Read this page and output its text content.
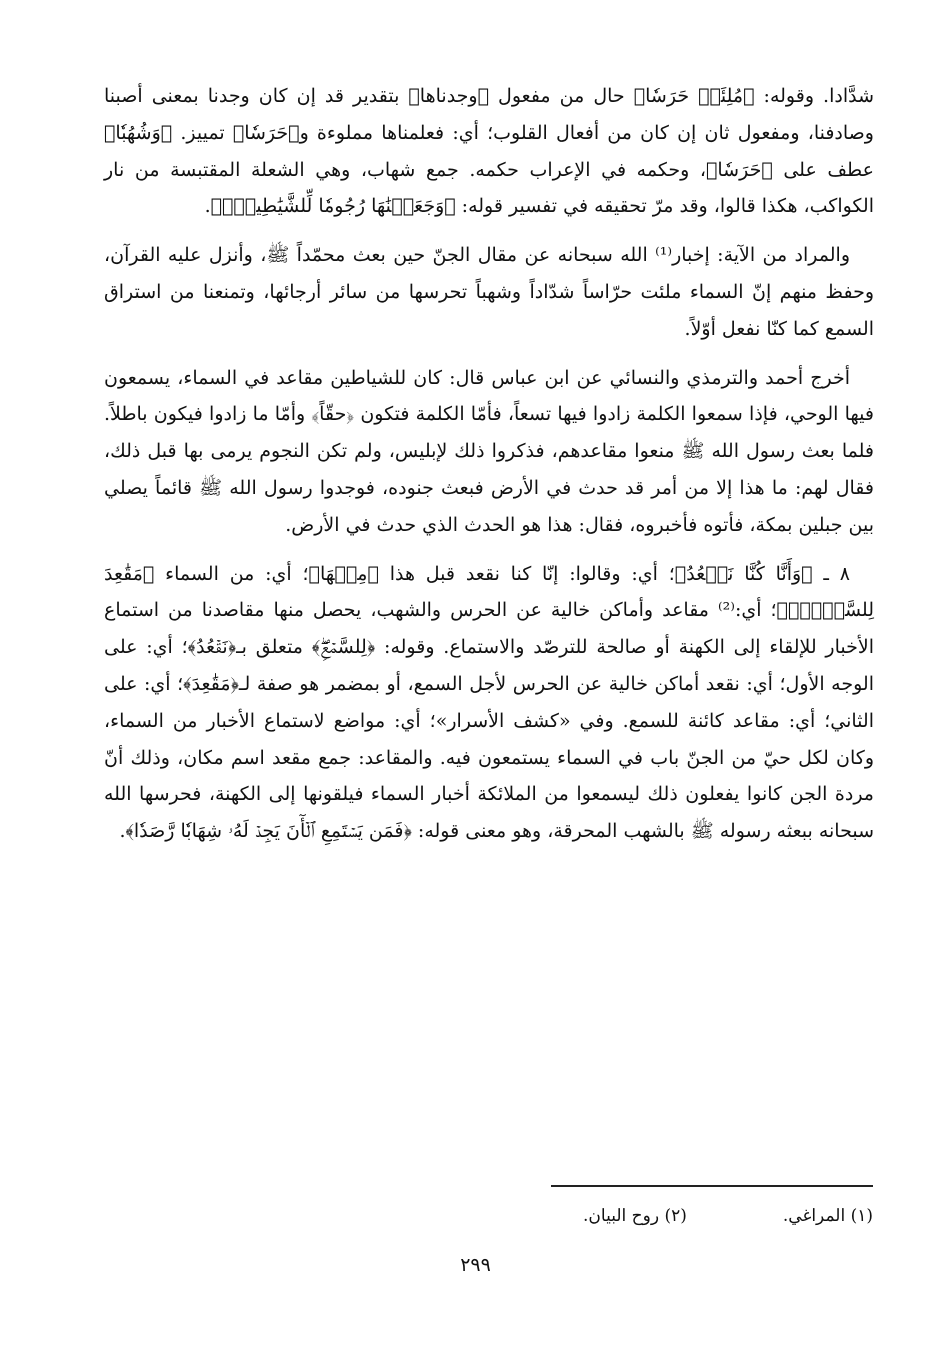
شدَّادا. وقوله: ﴿مُلِئَتۡ حَرَسٗا﴾ حال من مفعول ﴿وجدناها﴾ بتقدير قد إن كان وجدنا بمعنى أصبنا وصادفنا، ومفعول ثان إن كان من أفعال القلوب؛ أي: فعلمناها مملوءة و﴿حَرَسٗا﴾ تمييز. ﴿وَشُهُبٗا﴾ عطف على ﴿حَرَسٗا﴾، وحكمه في الإعراب حكمه. جمع شهاب، وهي الشعلة المقتبسة من نار الكواكب، هكذا قالوا، وقد مرّ تحقيقه في تفسير قوله: ﴿وَجَعَلۡنَٰهَا رُجُومٗا لِّلشَّيَٰطِينِۖ﴾.

والمراد من الآية: إخبار⁽¹⁾ الله سبحانه عن مقال الجنّ حين بعث محمّداً ﷺ، وأنزل عليه القرآن، وحفظ منهم إنّ السماء ملئت حرّاساً شدّاداً وشهباً تحرسها من سائر أرجائها، وتمنعنا من استراق السمع كما كنّا نفعل أوّلاً.

أخرج أحمد والترمذي والنسائي عن ابن عباس قال: كان للشياطين مقاعد في السماء، يسمعون فيها الوحي، فإذا سمعوا الكلمة زادوا فيها تسعاً، فأمّا الكلمة فتكون ﴿حقّاً﴾ وأمّا ما زادوا فيكون باطلاً. فلما بعث رسول الله ﷺ منعوا مقاعدهم، فذكروا ذلك لإبليس، ولم تكن النجوم يرمى بها قبل ذلك، فقال لهم: ما هذا إلا من أمر قد حدث في الأرض فبعث جنوده، فوجدوا رسول الله ﷺ قائماً يصلي بين جبلين بمكة، فأتوه فأخبروه، فقال: هذا هو الحدث الذي حدث في الأرض.

٨ ـ ﴿وَأَنَّا كُنَّا نَقۡعُدُ﴾؛ أي: وقالوا: إنّا كنا نقعد قبل هذا ﴿مِنۡهَا﴾؛ أي: من السماء ﴿مَقَٰعِدَ لِلسَّمۡعِۖ﴾؛ أي:⁽²⁾ مقاعد وأماكن خالية عن الحرس والشهب، يحصل منها مقاصدنا من استماع الأخبار للإلقاء إلى الكهنة أو صالحة للترصّد والاستماع. وقوله: ﴿لِلسَّمۡعِۖ﴾ متعلق بـ﴿نَقۡعُدُ﴾؛ أي: على الوجه الأول؛ أي: نقعد أماكن خالية عن الحرس لأجل السمع، أو بمضمر هو صفة لـ﴿مَقَٰعِدَ﴾؛ أي: على الثاني؛ أي: مقاعد كائنة للسمع. وفي «كشف الأسرار»؛ أي: مواضع لاستماع الأخبار من السماء، وكان لكل حيّ من الجنّ باب في السماء يستمعون فيه. والمقاعد: جمع مقعد اسم مكان، وذلك أنّ مردة الجن كانوا يفعلون ذلك ليسمعوا من الملائكة أخبار السماء فيلقونها إلى الكهنة، فحرسها الله سبحانه ببعثه رسوله ﷺ بالشهب المحرقة، وهو معنى قوله: ﴿فَمَن يَسۡتَمِعِ ٱلۡأٓنَ يَجِدۡ لَهُۥ شِهَابٗا رَّصَدٗا﴾.

(١) المراغي.
(٢) روح البيان.
٢٩٩
